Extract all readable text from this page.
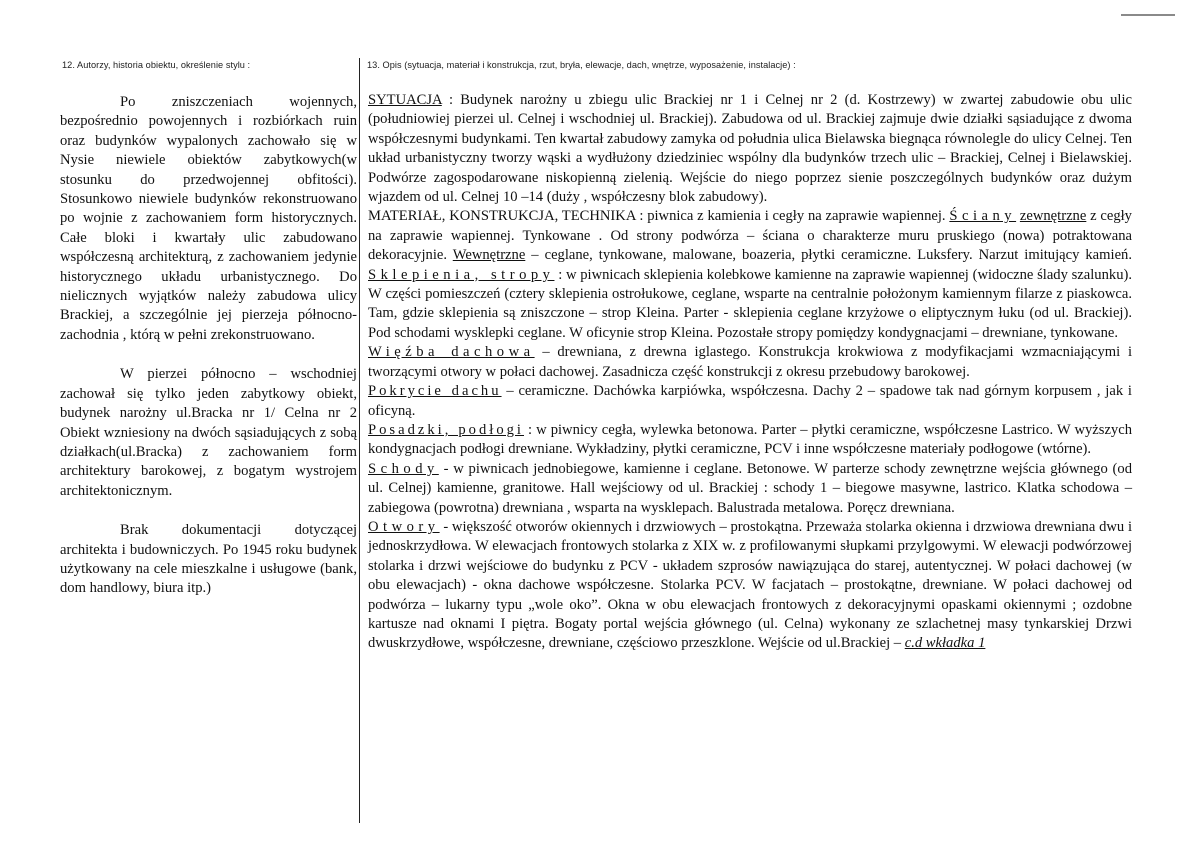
12. Autorzy, historia obiektu, określenie stylu :	13. Opis (sytuacja, materiał i konstrukcja, rzut, bryła, elewacje, dach, wnętrze, wyposażenie, instalacje) :

Po zniszczeniach wojennych, bezpośrednio powojennych i rozbiórkach ruin oraz budynków wypalonych zachowało się w Nysie niewiele obiektów zabytkowych(w stosunku do przedwojennej obfitości). Stosunkowo niewiele budynków rekonstruowano po wojnie z zachowaniem form historycznych. Całe bloki i kwartały ulic zabudowano współczesną architekturą, z zachowaniem jedynie historycznego układu urbanistycznego. Do nielicznych wyjątków należy zabudowa ulicy Brackiej, a szczególnie jej pierzeja północno-zachodnia , którą w pełni zrekonstruowano.

W pierzei północno – wschodniej zachował się tylko jeden zabytkowy obiekt, budynek narożny ul.Bracka nr 1/ Celna nr 2 Obiekt wzniesiony na dwóch sąsiadujących z sobą działkach(ul.Bracka) z zachowaniem form architektury barokowej, z bogatym wystrojem architektonicznym.

Brak dokumentacji dotyczącej architekta i budowniczych. Po 1945 roku budynek użytkowany na cele mieszkalne i usługowe (bank, dom handlowy, biura itp.)

SYTUACJA : Budynek narożny u zbiegu ulic Brackiej nr 1 i Celnej nr 2 (d. Kostrzewy) w zwartej zabudowie obu ulic (południowiej pierzei ul. Celnej i wschodniej ul. Brackiej). Zabudowa od ul. Brackiej zajmuje dwie działki sąsiadujące z dwoma współczesnymi budynkami. Ten kwartał zabudowy zamyka od południa ulica Bielawska biegnąca równolegle do ulicy Celnej. Ten układ urbanistyczny tworzy wąski a wydłużony dziedziniec wspólny dla budynków trzech ulic – Brackiej, Celnej i Bielawskiej. Podwórze zagospodarowane niskopienną zielenią. Wejście do niego poprzez sienie poszczególnych budynków oraz dużym wjazdem od ul. Celnej 10 –14 (duży , współczesny blok zabudowy).

MATERIAŁ, KONSTRUKCJA, TECHNIKA : piwnica z kamienia i cegły na zaprawie wapiennej. Ściany zewnętrzne z cegły na zaprawie wapiennej. Tynkowane . Od strony podwórza – ściana o charakterze muru pruskiego (nowa) potraktowana dekoracyjnie. Wewnętrzne – ceglane, tynkowane, malowane, boazeria, płytki ceramiczne. Luksfery. Narzut imitujący kamień. Sklepienia, stropy : w piwnicach sklepienia kolebkowe kamienne na zaprawie wapiennej (widoczne ślady szalunku). W części pomieszczeń (cztery sklepienia ostrołukowe, ceglane, wsparte na centralnie położonym kamiennym filarze z piaskowca. Tam, gdzie sklepienia są zniszczone – strop Kleina. Parter - sklepienia ceglane krzyżowe o eliptycznym łuku (od ul. Brackiej). Pod schodami wysklepki ceglane. W oficynie strop Kleina. Pozostałe stropy pomiędzy kondygnacjami – drewniane, tynkowane.

Więźba dachowa – drewniana, z drewna iglastego. Konstrukcja krokwiowa z modyfikacjami wzmacniającymi i tworzącymi otwory w połaci dachowej. Zasadnicza część konstrukcji z okresu przebudowy barokowej.

Pokrycie dachu – ceramiczne. Dachówka karpiówka, współczesna. Dachy 2 – spadowe tak nad górnym korpusem , jak i oficyną.

Posadzki, podłogi : w piwnicy cegła, wylewka betonowa. Parter – płytki ceramiczne, współczesne Lastrico. W wyższych kondygnacjach podłogi drewniane. Wykładziny, płytki ceramiczne, PCV i inne współczesne materiały podłogowe (wtórne).

Schody - w piwnicach jednobiegowe, kamienne i ceglane. Betonowe. W parterze schody zewnętrzne wejścia głównego (od ul. Celnej) kamienne, granitowe. Hall wejściowy od ul. Brackiej : schody 1 – biegowe masywne, lastrico. Klatka schodowa – zabiegowa (powrotna) drewniana , wsparta na wysklepach. Balustrada metalowa. Poręcz drewniana.

Otwory - większość otworów okiennych i drzwiowych – prostokątna. Przeważa stolarka okienna i drzwiowa drewniana dwu i jednoskrzydłowa. W elewacjach frontowych stolarka z XIX w. z profilowanymi słupkami przylgowymi. W elewacji podwórzowej stolarka i drzwi wejściowe do budynku z PCV - układem szprosów nawiązująca do starej, autentycznej. W połaci dachowej (w obu elewacjach) - okna dachowe współczesne. Stolarka PCV. W facjatach – prostokątne, drewniane. W połaci dachowej od podwórza – lukarny typu „wole oko”. Okna w obu elewacjach frontowych z dekoracyjnymi opaskami okiennymi ; ozdobne kartusze nad oknami I piętra. Bogaty portal wejścia głównego (ul. Celna) wykonany ze szlachetnej masy tynkarskiej Drzwi dwuskrzydłowe, współczesne, drewniane, częściowo przeszklone. Wejście od ul.Brackiej – c.d wkładka 1
